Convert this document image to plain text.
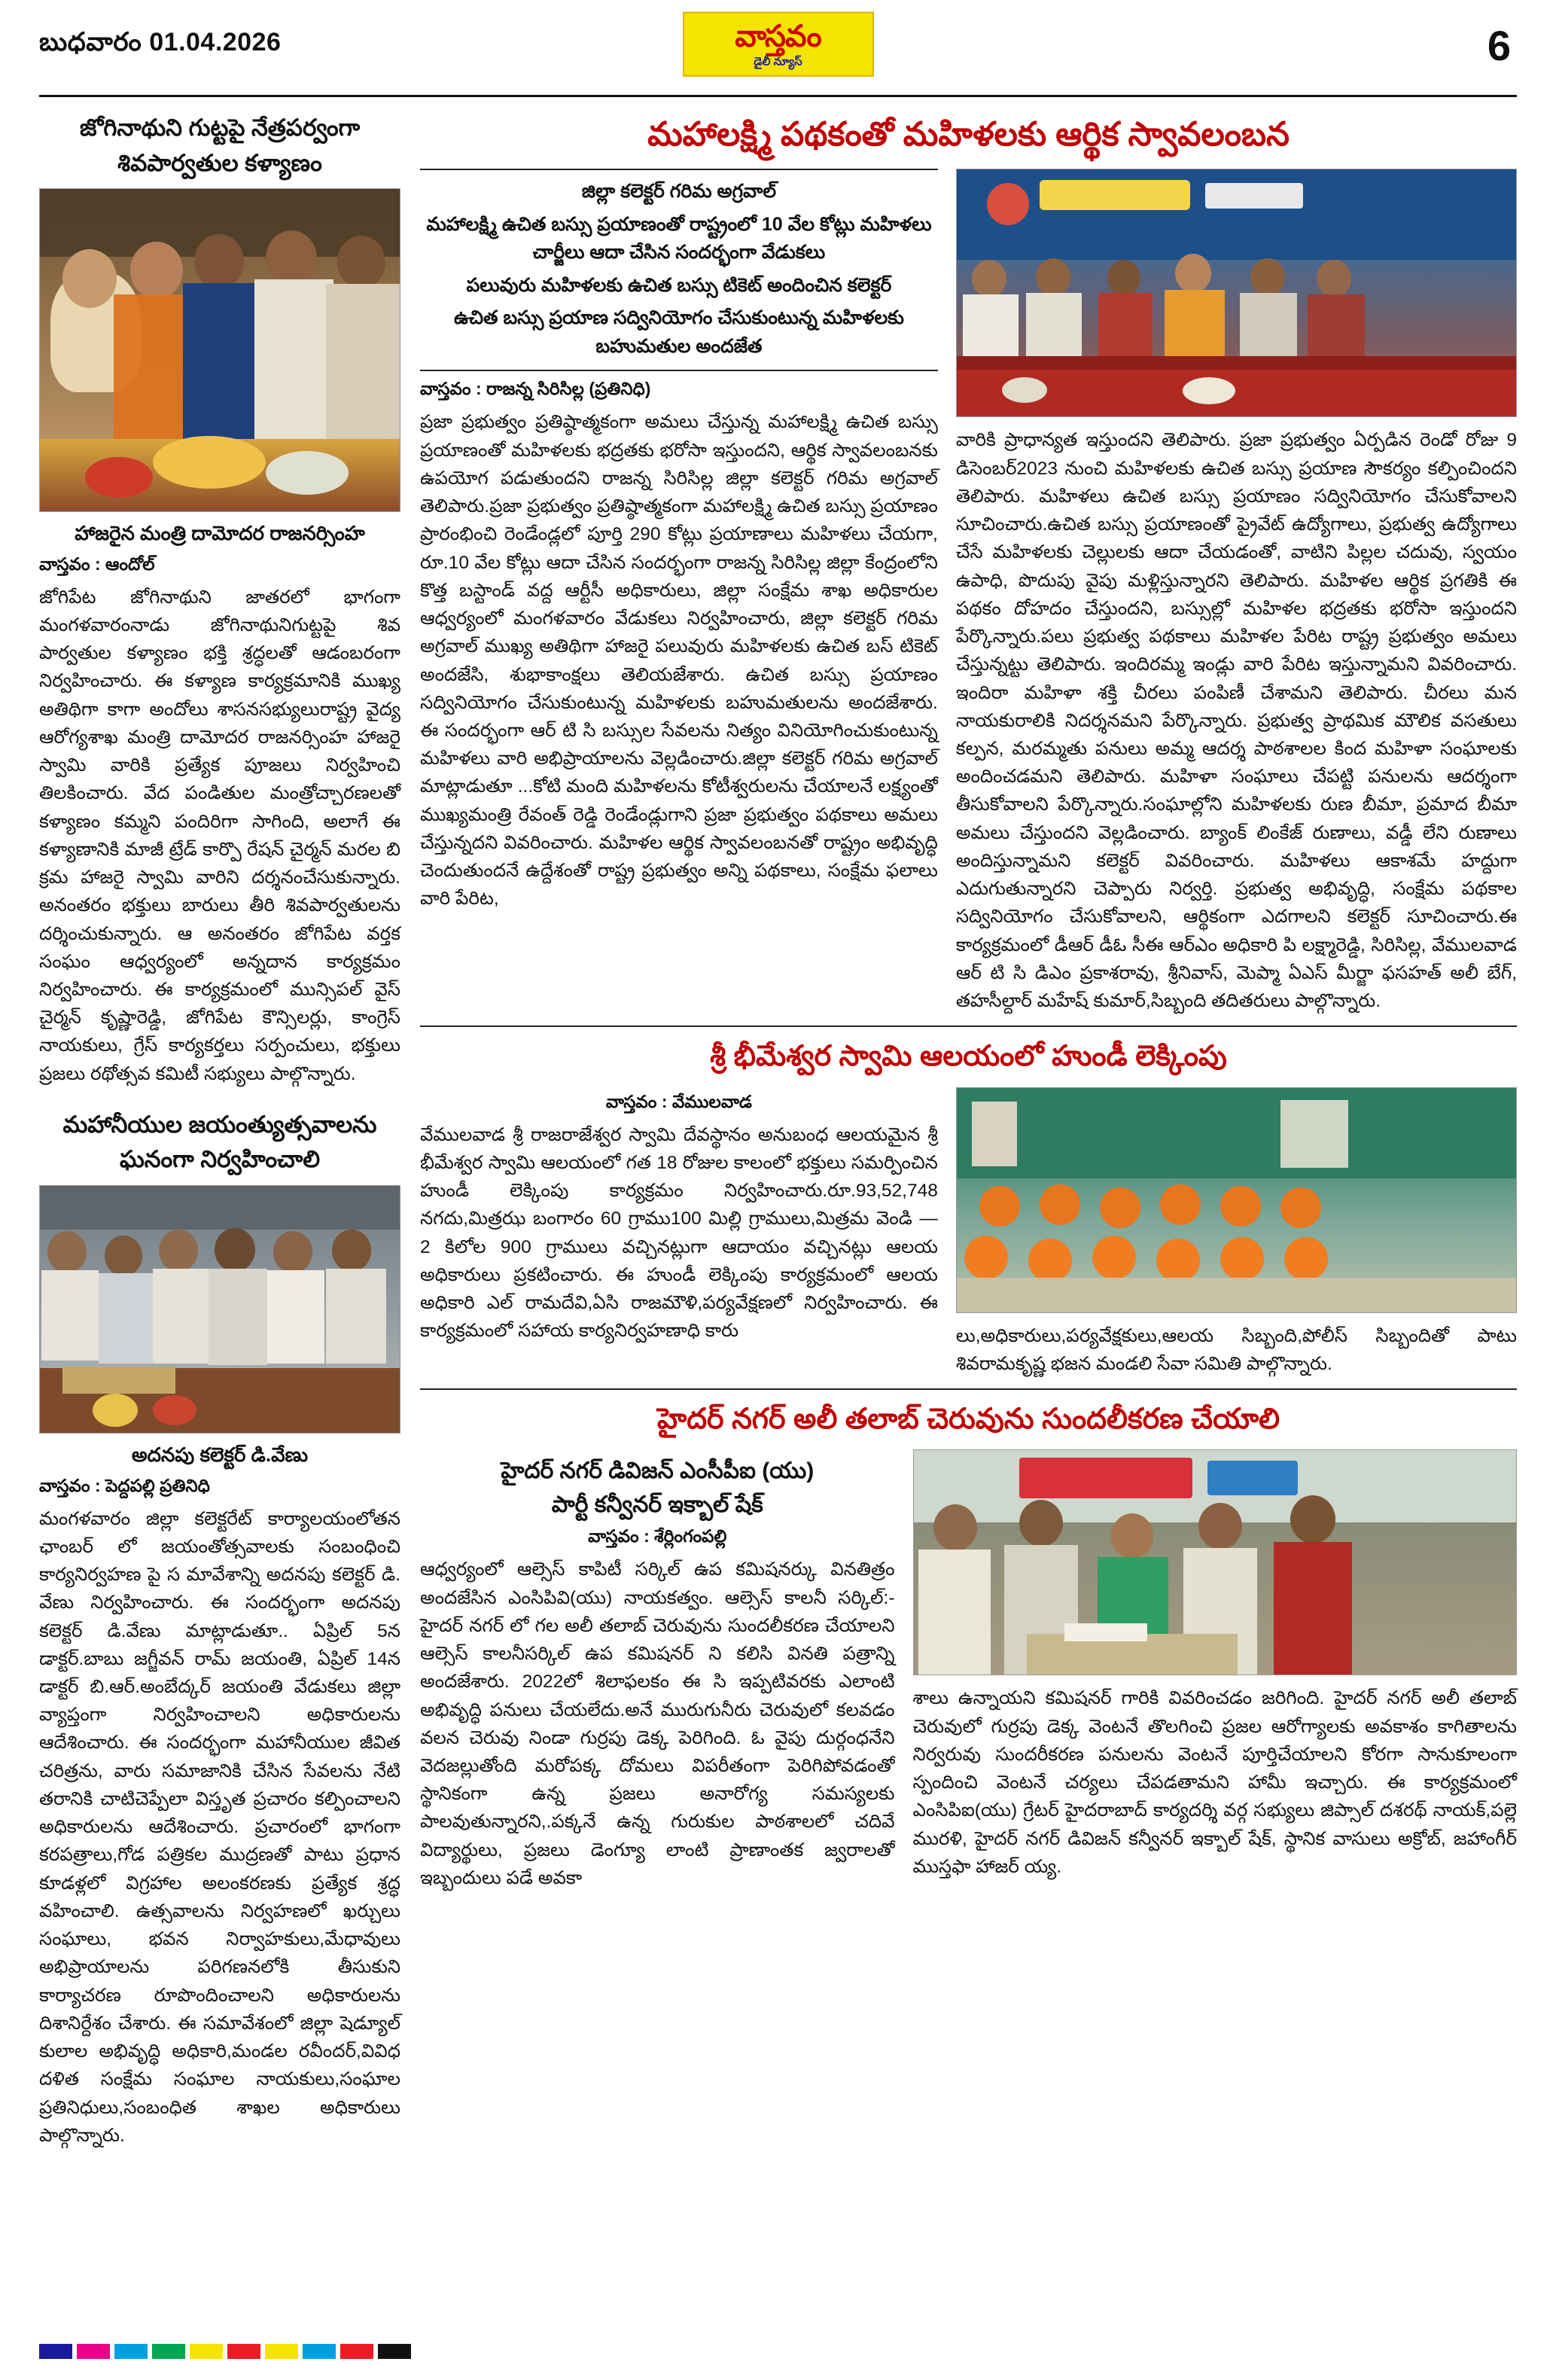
బుధవారం 01.04.2026	వాస్తవం
డైలీ న్యూస్	6
జోగినాథుని గుట్టపై నేత్రపర్వంగా
శివపార్వతుల కళ్యాణం
హాజరైన మంత్రి దామోదర రాజనర్సింహ
వాస్తవం : ఆందోల్
జోగిపేట జోగినాథుని జాతరలో భాగంగా మంగళవారంనాడు జోగినాథునిగుట్టపై శివ పార్వతుల కళ్యాణం భక్తి శ్రద్ధలతో ఆడంబరంగా నిర్వహించారు. ఈ కళ్యాణ కార్యక్రమానికి ముఖ్య అతిథిగా కాగా అందోలు శాసనసభ్యులురాష్ట్ర వైద్య ఆరోగ్యశాఖ మంత్రి దామోదర రాజనర్సింహ హాజరై స్వామి వారికి ప్రత్యేక పూజలు నిర్వహించి తిలకించారు. వేద పండితుల మంత్రోచ్చారణలతో కళ్యాణం కమ్మని పందిరిగా సాగింది, అలాగే ఈ కళ్యాణానికి మాజీ ట్రేడ్ కార్పొ రేషన్ చైర్మన్ మరల బి క్రమ హాజరై స్వామి వారిని దర్శనంచేసుకున్నారు. అనంతరం భక్తులు బారులు తీరి శివపార్వతులను దర్శించుకున్నారు. ఆ అనంతరం జోగిపేట వర్తక సంఘం ఆధ్వర్యంలో అన్నదాన కార్యక్రమం నిర్వహించారు. ఈ కార్యక్రమంలో మున్సిపల్ వైస్ చైర్మన్ కృష్ణారెడ్డి, జోగిపేట కౌన్సిలర్లు, కాంగ్రెస్ నాయకులు, గ్రేస్ కార్యకర్తలు సర్పంచులు, భక్తులు ప్రజలు రథోత్సవ కమిటీ సభ్యులు పాల్గొన్నారు.
మహానీయుల జయంత్యుత్సవాలను
ఘనంగా నిర్వహించాలి
అదనపు కలెక్టర్ డి.వేణు
వాస్తవం : పెద్దపల్లి ప్రతినిధి
మంగళవారం జిల్లా కలెక్టరేట్ కార్యాలయంలోతన ఛాంబర్ లో జయంతోత్సవాలకు సంబంధించి కార్యనిర్వహణ పై స మావేశాన్ని అదనపు కలెక్టర్ డి. వేణు నిర్వహించారు. ఈ సందర్భంగా అదనపు కలెక్టర్ డి.వేణు మాట్లాడుతూ.. ఏప్రిల్ 5న డాక్టర్.బాబు జగ్జీవన్ రామ్ జయంతి, ఏప్రిల్ 14న డాక్టర్ బి.ఆర్.అంబేద్కర్ జయంతి వేడుకలు జిల్లా వ్యాప్తంగా నిర్వహించాలని అధికారులను ఆదేశించారు. ఈ సందర్భంగా మహానీయుల జీవిత చరిత్రను, వారు సమాజానికి చేసిన సేవలను నేటి తరానికి చాటిచెప్పేలా విస్తృత ప్రచారం కల్పించాలని అధికారులను ఆదేశించారు. ప్రచారంలో భాగంగా కరపత్రాలు,గోడ పత్రికల ముద్రణతో పాటు ప్రధాన కూడళ్లలో విగ్రహాల అలంకరణకు ప్రత్యేక శ్రద్ధ వహించాలి. ఉత్సవాలను నిర్వహణలో ఖర్చులు సంఘాలు, భవన నిర్వాహకులు,మేధావులు అభిప్రాయాలను పరిగణనలోకి తీసుకుని కార్యాచరణ రూపొందించాలని అధికారులను దిశానిర్దేశం చేశారు. ఈ సమావేశంలో జిల్లా షెడ్యూల్ కులాల అభివృద్ధి అధికారి,మండల రవీందర్,వివిధ దళిత సంక్షేమ సంఘాల నాయకులు,సంఘాల ప్రతినిధులు,సంబంధిత శాఖల అధికారులు పాల్గొన్నారు.
మహాలక్ష్మి పథకంతో మహిళలకు ఆర్థిక స్వావలంబన

జిల్లా కలెక్టర్ గరిమ అగ్రవాల్

మహాలక్ష్మి ఉచిత బస్సు ప్రయాణంతో రాష్ట్రంలో 10 వేల కోట్లు మహిళలు చార్జీలు ఆదా చేసిన సందర్భంగా వేడుకలు

పలువురు మహిళలకు ఉచిత బస్సు టికెట్ అందించిన కలెక్టర్

ఉచిత బస్సు ప్రయాణ సద్వినియోగం చేసుకుంటున్న మహిళలకు బహుమతుల అందజేత

వాస్తవం : రాజన్న సిరిసిల్ల (ప్రతినిధి)
ప్రజా ప్రభుత్వం ప్రతిష్ఠాత్మకంగా అమలు చేస్తున్న మహాలక్ష్మి ఉచిత బస్సు ప్రయాణంతో మహిళలకు భద్రతకు భరోసా ఇస్తుందని, ఆర్థిక స్వావలంబనకు ఉపయోగ పడుతుందని రాజన్న సిరిసిల్ల జిల్లా కలెక్టర్ గరిమ అగ్రవాల్ తెలిపారు.ప్రజా ప్రభుత్వం ప్రతిష్ఠాత్మకంగా మహాలక్ష్మి ఉచిత బస్సు ప్రయాణం ప్రారంభించి రెండేండ్లలో పూర్తి 290 కోట్లు ప్రయాణాలు మహిళలు చేయగా, రూ.10 వేల కోట్లు ఆదా చేసిన సందర్భంగా రాజన్న సిరిసిల్ల జిల్లా కేంద్రంలోని కొత్త బస్టాండ్ వద్ద ఆర్టీసీ అధికారులు, జిల్లా సంక్షేమ శాఖ అధికారుల ఆధ్వర్యంలో మంగళవారం వేడుకలు నిర్వహించారు, జిల్లా కలెక్టర్ గరిమ అగ్రవాల్ ముఖ్య అతిథిగా హాజరై పలువురు మహిళలకు ఉచిత బస్ టికెట్ అందజేసి, శుభాకాంక్షలు తెలియజేశారు. ఉచిత బస్సు ప్రయాణం సద్వినియోగం చేసుకుంటున్న మహిళలకు బహుమతులను అందజేశారు. ఈ సందర్భంగా ఆర్ టి సి బస్సుల సేవలను నిత్యం వినియోగించుకుంటున్న మహిళలు వారి అభిప్రాయాలను వెల్లడించారు.జిల్లా కలెక్టర్ గరిమ అగ్రవాల్ మాట్లాడుతూ ...కోటి మంది మహిళలను కోటీశ్వరులను చేయాలనే లక్ష్యంతో ముఖ్యమంత్రి రేవంత్ రెడ్డి రెండేండ్లుగాని ప్రజా ప్రభుత్వం పథకాలు అమలు చేస్తున్నదని వివరించారు. మహిళల ఆర్థిక స్వావలంబనతో రాష్ట్రం అభివృద్ధి చెందుతుందనే ఉద్దేశంతో రాష్ట్ర ప్రభుత్వం అన్ని పథకాలు, సంక్షేమ ఫలాలు వారి పేరిట,
వారికి ప్రాధాన్యత ఇస్తుందని తెలిపారు. ప్రజా ప్రభుత్వం ఏర్పడిన రెండో రోజు 9 డిసెంబర్2023 నుంచి మహిళలకు ఉచిత బస్సు ప్రయాణ సౌకర్యం కల్పించిందని తెలిపారు. మహిళలు ఉచిత బస్సు ప్రయాణం సద్వినియోగం చేసుకోవాలని సూచించారు.ఉచిత బస్సు ప్రయాణంతో ప్రైవేట్ ఉద్యోగాలు, ప్రభుత్వ ఉద్యోగాలు చేసే మహిళలకు చెల్లులకు ఆదా చేయడంతో, వాటిని పిల్లల చదువు, స్వయం ఉపాధి, పొదుపు వైపు మళ్లిస్తున్నారని తెలిపారు. మహిళల ఆర్థిక ప్రగతికి ఈ పథకం దోహదం చేస్తుందని, బస్సుల్లో మహిళల భద్రతకు భరోసా ఇస్తుందని పేర్కొన్నారు.పలు ప్రభుత్వ పథకాలు మహిళల పేరిట రాష్ట్ర ప్రభుత్వం అమలు చేస్తున్నట్టు తెలిపారు. ఇందిరమ్మ ఇండ్లు వారి పేరిట ఇస్తున్నామని వివరించారు. ఇందిరా మహిళా శక్తి చీరలు పంపిణీ చేశామని తెలిపారు. చీరలు మన నాయకురాలికి నిదర్శనమని పేర్కొన్నారు. ప్రభుత్వ ప్రాథమిక మౌలిక వసతులు కల్పన, మరమ్మతు పనులు అమ్మ ఆదర్శ పాఠశాలల కింద మహిళా సంఘాలకు అందించడమని తెలిపారు. మహిళా సంఘాలు చేపట్టి పనులను ఆదర్శంగా తీసుకోవాలని పేర్కొన్నారు.సంఘాల్లోని మహిళలకు రుణ బీమా, ప్రమాద బీమా అమలు చేస్తుందని వెల్లడించారు. బ్యాంక్ లింకేజ్ రుణాలు, వడ్డీ లేని రుణాలు అందిస్తున్నామని కలెక్టర్ వివరించారు. మహిళలు ఆకాశమే హద్దుగా ఎదుగుతున్నారని చెప్పారు నిర్వర్తి. ప్రభుత్వ అభివృద్ధి, సంక్షేమ పథకాల సద్వినియోగం చేసుకోవాలని, ఆర్థికంగా ఎదగాలని కలెక్టర్ సూచించారు.ఈ కార్యక్రమంలో డీఆర్ డీఓ సీఈ ఆర్ఎం అధికారి పి లక్ష్మారెడ్డి, సిరిసిల్ల, వేములవాడ ఆర్ టి సి డిఎం ప్రకాశరావు, శ్రీనివాస్, మెప్మా ఏఎస్ మీర్జా ఫసహత్ అలీ బేగ్, తహసీల్దార్ మహేష్ కుమార్,సిబ్బంది తదితరులు పాల్గొన్నారు.
శ్రీ భీమేశ్వర స్వామి ఆలయంలో హుండీ లెక్కింపు
వాస్తవం : వేములవాడ
వేములవాడ శ్రీ రాజరాజేశ్వర స్వామి దేవస్థానం అనుబంధ ఆలయమైన శ్రీ భీమేశ్వర స్వామి ఆలయంలో గత 18 రోజుల కాలంలో భక్తులు సమర్పించిన హుండీ లెక్కింపు కార్యక్రమం నిర్వహించారు.రూ.93,52,748 నగదు,మిత్రఝ బంగారం 60 గ్రాము100 మిల్లి గ్రాములు,మిత్రమ వెండి — 2 కిలోల 900 గ్రాములు వచ్చినట్లుగా ఆదాయం వచ్చినట్లు ఆలయ అధికారులు ప్రకటించారు. ఈ హుండీ లెక్కింపు కార్యక్రమంలో ఆలయ అధికారి ఎల్ రామదేవి,ఏసి రాజమౌళి,పర్యవేక్షణలో నిర్వహించారు. ఈ కార్యక్రమంలో సహాయ కార్యనిర్వహణాధి కారు	లు,అధికారులు,పర్యవేక్షకులు,ఆలయ సిబ్బంది,పోలీస్ సిబ్బందితో పాటు శివరామకృష్ణ భజన మండలి సేవా సమితి పాల్గొన్నారు.
హైదర్ నగర్ అలీ తలాబ్ చెరువును సుందలీకరణ చేయాలి
హైదర్ నగర్ డివిజన్ ఎంసీపీఐ (యు)
పార్టీ కన్వీనర్ ఇక్బాల్ షేక్
వాస్తవం : శేర్లింగంపల్లి
ఆధ్వర్యంలో ఆల్సెస్ కాపిటీ సర్కిల్ ఉప కమిషనర్కు వినతిత్రం అందజేసిన ఎంసిపివి(యు) నాయకత్వం. ఆల్సెస్ కాలనీ సర్కిల్:- హైదర్ నగర్ లో గల అలీ తలాబ్ చెరువును సుందలీకరణ చేయాలని ఆల్సెస్ కాలనీసర్కిల్ ఉప కమిషనర్ ని కలిసి వినతి పత్రాన్ని అందజేశారు. 2022లో శిలాఫలకం ఈ సి ఇప్పటివరకు ఎలాంటి అభివృద్ధి పనులు చేయలేదు.అనే మురుగునీరు చెరువులో కలవడం వలన చెరువు నిండా గుర్రపు డెక్క పెరిగింది. ఓ వైపు దుర్గంధనేని వెదజల్లుతోంది మరోపక్క దోమలు విపరీతంగా పెరిగిపోవడంతో స్థానికంగా ఉన్న ప్రజలు అనారోగ్య సమస్యలకు పాలవుతున్నారని,.పక్కనే ఉన్న గురుకుల పాఠశాలలో చదివే విద్యార్థులు, ప్రజలు డెంగ్యూ లాంటి ప్రాణాంతక జ్వరాలతో ఇబ్బందులు పడే అవకా
శాలు ఉన్నాయని కమిషనర్ గారికి వివరించడం జరిగింది. హైదర్ నగర్ అలీ తలాబ్ చెరువులో గుర్రపు డెక్క వెంటనే తొలగించి ప్రజల ఆరోగ్యాలకు అవకాశం కాగితాలను నిర్వరువు సుందరీకరణ పనులను వెంటనే పూర్తిచేయాలని కోరగా సానుకూలంగా స్పందించి వెంటనే చర్యలు చేపడతామని హామీ ఇచ్చారు. ఈ కార్యక్రమంలో ఎంసిపిఐ(యు) గ్రేటర్ హైదరాబాద్ కార్యదర్శి వర్గ సభ్యులు జిప్సాల్ దశరథ్ నాయక్,పల్లె మురళి, హైదర్ నగర్ డివిజన్ కన్వీనర్ ఇక్బాల్ షేక్, స్థానిక వాసులు అక్రోబ్, జహాంగీర్ ముస్తఫా హాజర్ య్య.
